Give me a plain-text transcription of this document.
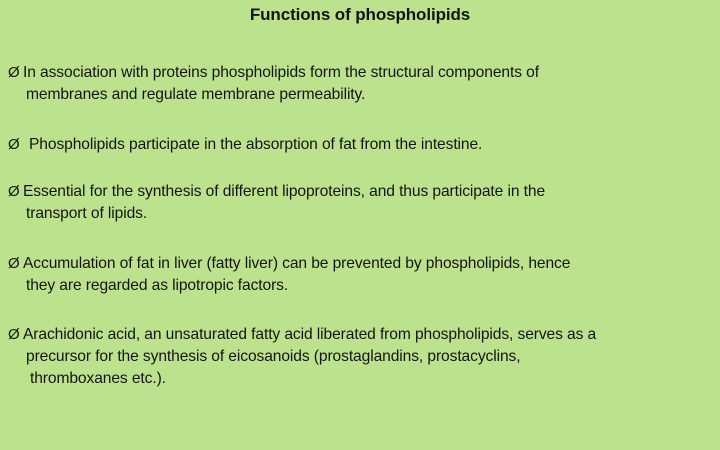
Functions of phospholipids
Ø In association with proteins phospholipids form the structural components of
membranes and regulate membrane permeability.
Ø Phospholipids participate in the absorption of fat from the intestine.
Ø Essential for the synthesis of different lipoproteins, and thus participate in the
transport of lipids.
Ø Accumulation of fat in liver (fatty liver) can be prevented by phospholipids, hence
they are regarded as lipotropic factors.
Ø Arachidonic acid, an unsaturated fatty acid liberated from phospholipids, serves as a
precursor for the synthesis of eicosanoids (prostaglandins, prostacyclins,
thromboxanes etc.).
